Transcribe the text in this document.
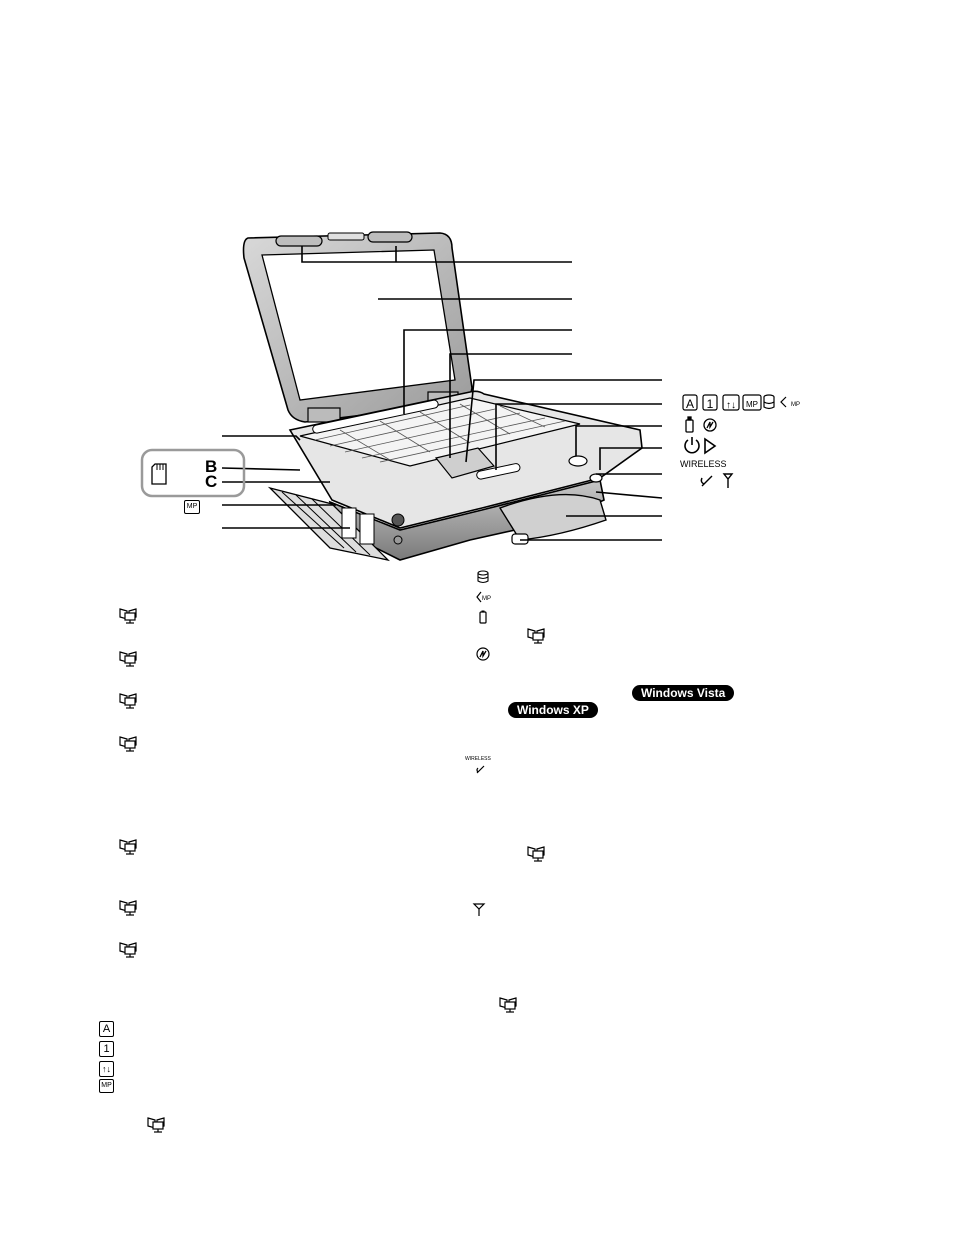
A 1 ↑↓ MP	MP
B
C
WIRELESS
MP
MP
WIRELESS
Windows Vista
Windows XP
A
1
↑↓
MP
